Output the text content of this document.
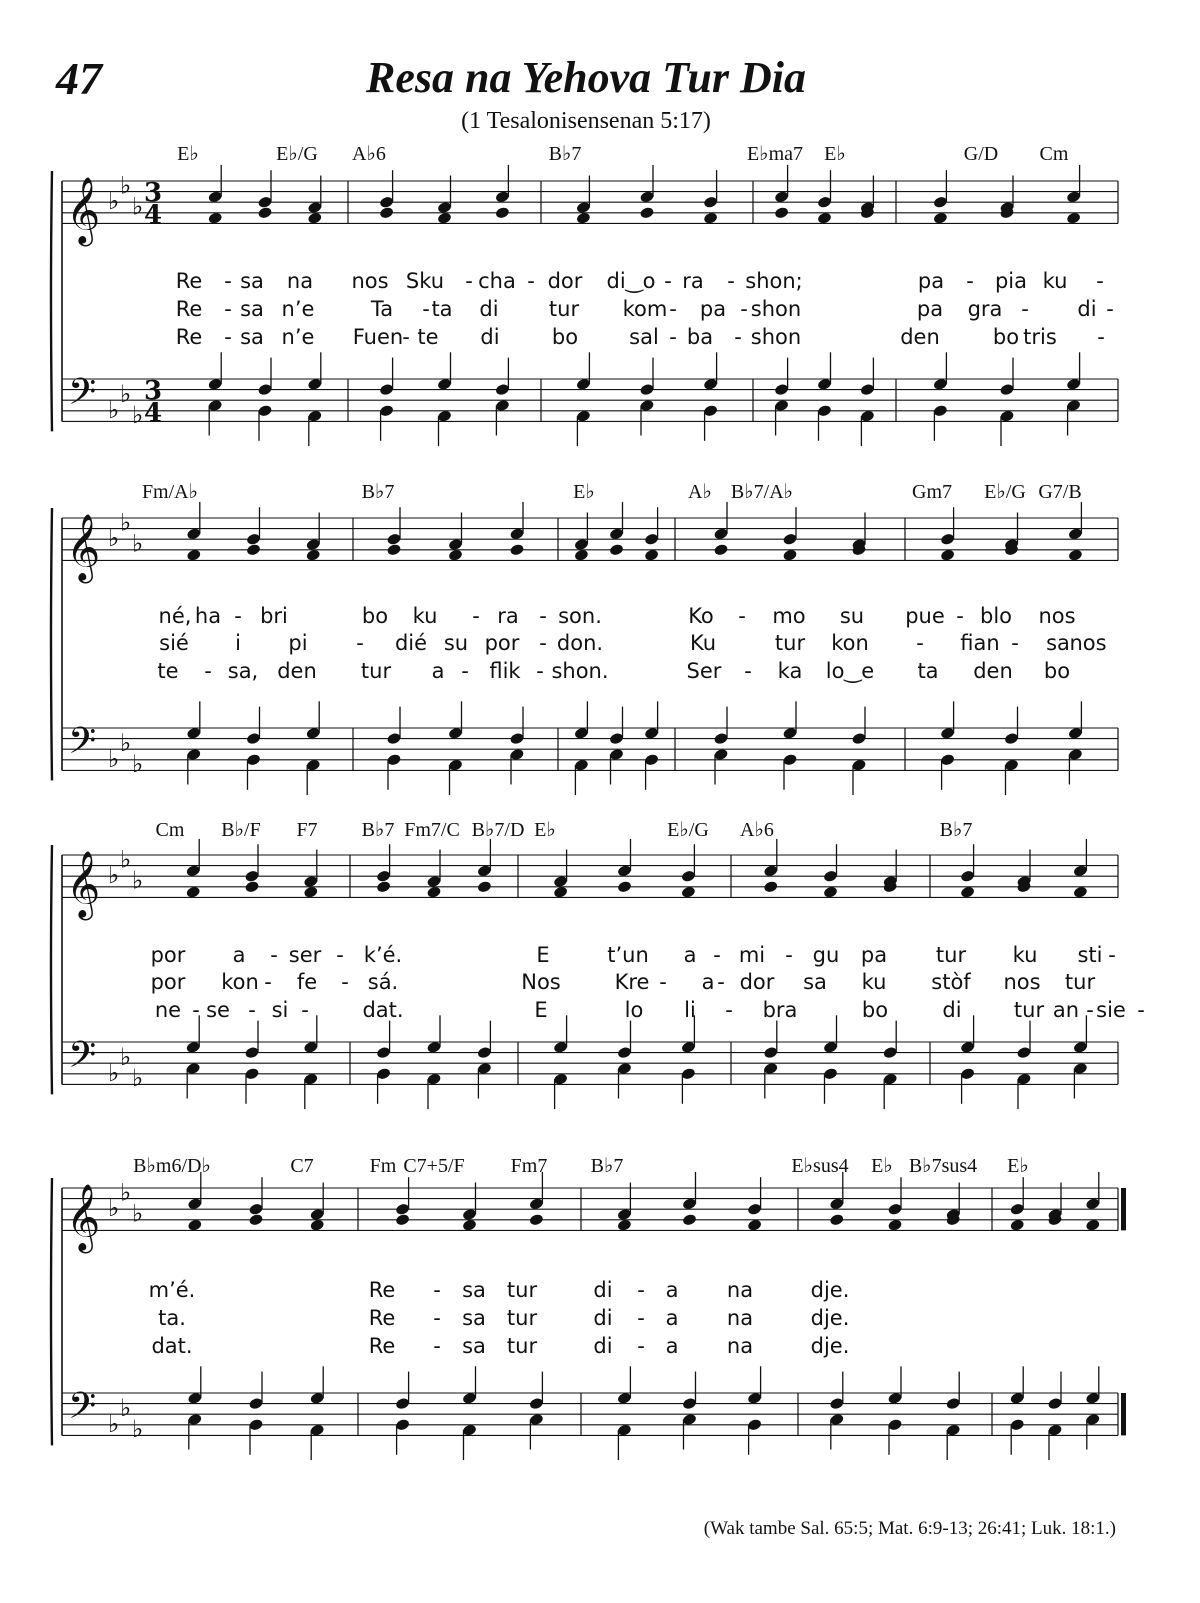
47	Resa na Yehova Tur Dia
(1 Tesalonisensenan 5:17)
𝄞 ♭
♭
♭ 3
4
𝄢 ♭
♭
♭
3
4
E♭	E♭/G A♭6	B♭7	E♭ma7 E♭	G/D Cm
Re - sa na nos Sku - cha - dor di‿o - ra - shon;	pa - pia ku -
Re - sa n’e	Ta - ta di tur kom - pa - shon	pa gra - di -
Re - sa n’e Fuen
- te di bo sal - ba - shon	den	bo tris -
𝄞 ♭
♭
♭
𝄢 ♭
♭
♭
Fm/A♭	B♭7	E♭	A♭ B♭7/A♭	Gm7 E♭/G G7/B
né, ha - bri	bo ku - ra - son.	Ko - mo su pue - blo nos
sié i pi - dié su por - don.	Ku	tur kon - fian - sa nos
te - sa, den tur a - flik - shon.	Ser - ka lo‿e ta den bo
𝄞 ♭
♭
♭
𝄢 ♭
♭
♭
Cm B♭/F F7 B♭7 Fm7/C B♭7/D E♭	E♭/G A♭6	B♭7
por a - ser - k’é.	E	t’un a - mi - gu pa tur ku sti -
por kon - fe - sá.	Nos	Kre - a - dor sa ku stòf nos tur
ne - se - si -	dat.	E	lo li - bra	bo	di tur an - sie -
𝄞 ♭
♭
♭
𝄢 ♭
♭
♭
B♭m6/D♭	C7	Fm C7+5/F Fm7 B♭7	E♭sus4 E♭ B♭7sus4 E♭
m’é.	Re - sa tur	di - a na	dje.
ta.	Re - sa tur	di - a na	dje.
dat.	Re - sa tur	di - a na	dje.
(Wak tambe Sal. 65:5; Mat. 6:9-13; 26:41; Luk. 18:1.)
